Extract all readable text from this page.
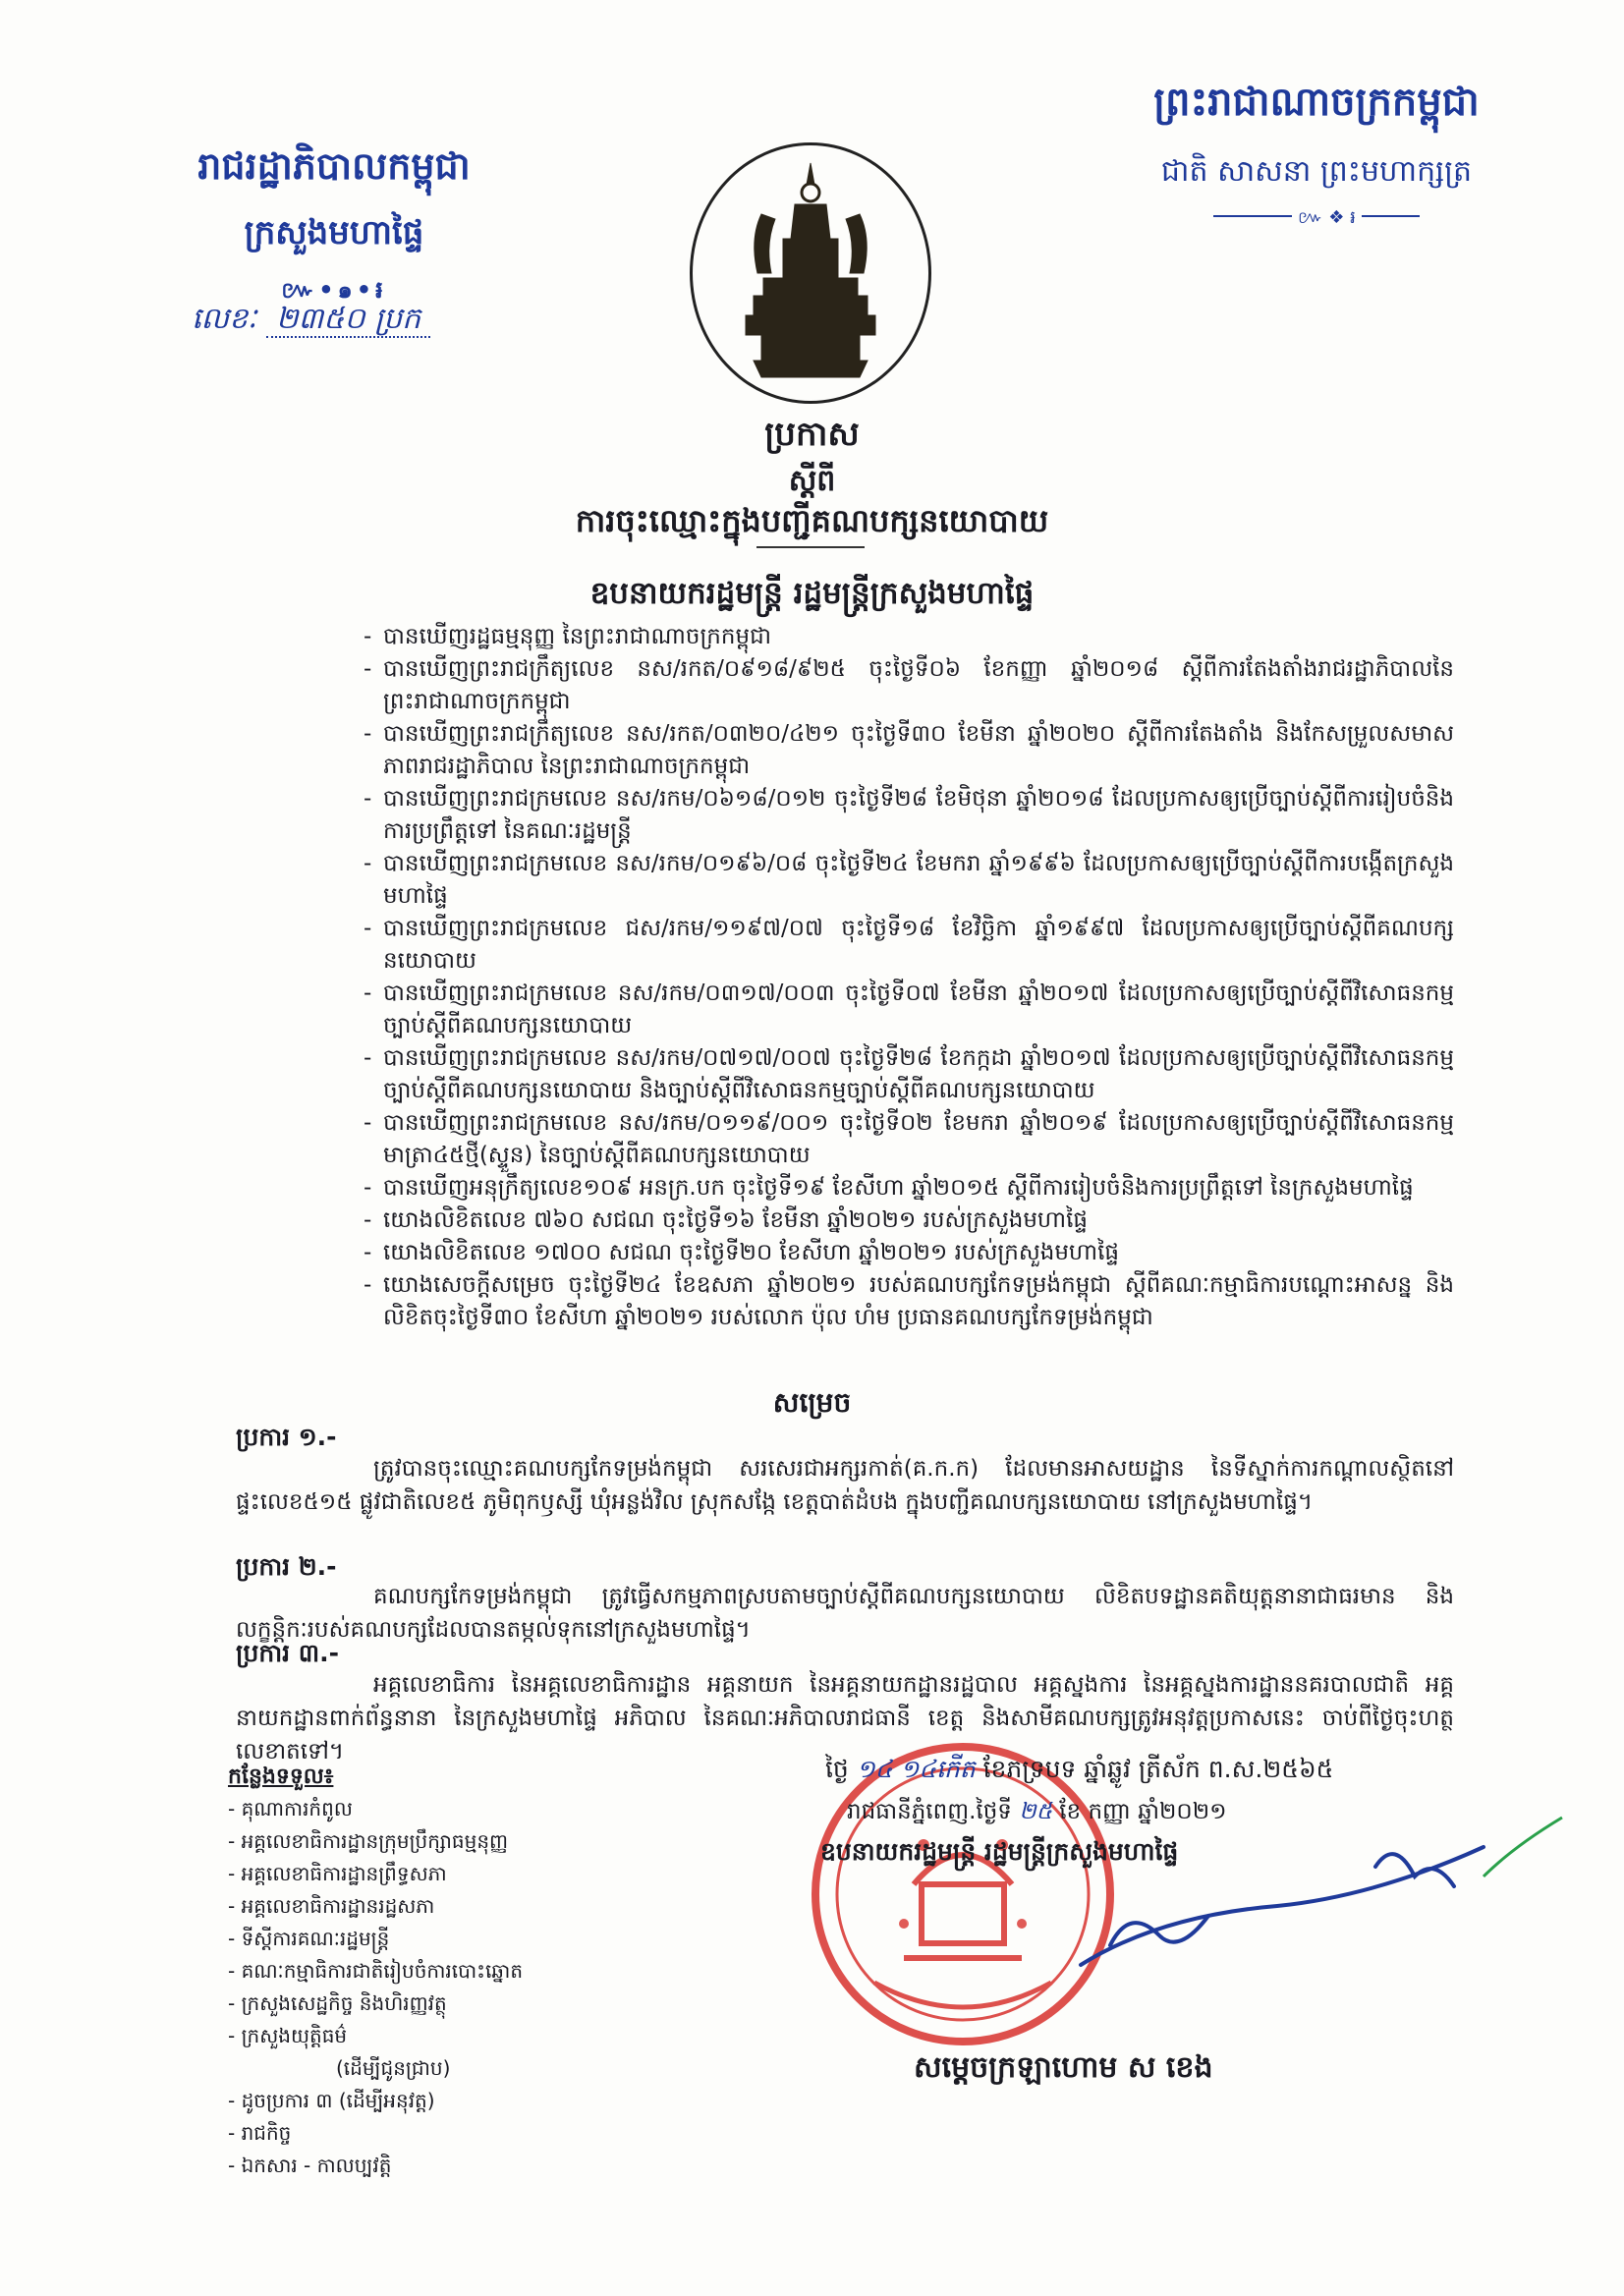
រាជរដ្ឋាភិបាលកម្ពុជា
ក្រសួងមហាផ្ទៃ
៚•๑•៛
លេខៈ ២៣៥០ ប្រក
ព្រះរាជាណាចក្រកម្ពុជា
ជាតិ សាសនា ព្រះមហាក្សត្រ
៚ ❖ ៛
ប្រកាស
ស្ដីពី
ការចុះឈ្មោះក្នុងបញ្ជីគណបក្សនយោបាយ
ឧបនាយករដ្ឋមន្ត្រី រដ្ឋមន្ត្រីក្រសួងមហាផ្ទៃ
- បានឃើញរដ្ឋធម្មនុញ្ញ នៃព្រះរាជាណាចក្រកម្ពុជា
- បានឃើញព្រះរាជក្រឹត្យលេខ នស/រកត/០៩១៨/៩២៥ ចុះថ្ងៃទី០៦ ខែកញ្ញា ឆ្នាំ២០១៨ ស្ដីពីការតែងតាំងរាជរដ្ឋាភិបាលនៃព្រះរាជាណាចក្រកម្ពុជា
- បានឃើញព្រះរាជក្រឹត្យលេខ នស/រកត/០៣២០/៤២១ ចុះថ្ងៃទី៣០ ខែមីនា ឆ្នាំ២០២០ ស្ដីពីការតែងតាំង និងកែសម្រួលសមាសភាពរាជរដ្ឋាភិបាល នៃព្រះរាជាណាចក្រកម្ពុជា
- បានឃើញព្រះរាជក្រមលេខ នស/រកម/០៦១៨/០១២ ចុះថ្ងៃទី២៨ ខែមិថុនា ឆ្នាំ២០១៨ ដែលប្រកាសឲ្យប្រើច្បាប់ស្ដីពីការរៀបចំនិងការប្រព្រឹត្តទៅ នៃគណៈរដ្ឋមន្ត្រី
- បានឃើញព្រះរាជក្រមលេខ នស/រកម/០១៩៦/០៨ ចុះថ្ងៃទី២៤ ខែមករា ឆ្នាំ១៩៩៦ ដែលប្រកាសឲ្យប្រើច្បាប់ស្ដីពីការបង្កើតក្រសួងមហាផ្ទៃ
- បានឃើញព្រះរាជក្រមលេខ ជស/រកម/១១៩៧/០៧ ចុះថ្ងៃទី១៨ ខែវិច្ឆិកា ឆ្នាំ១៩៩៧ ដែលប្រកាសឲ្យប្រើច្បាប់ស្ដីពីគណបក្សនយោបាយ
- បានឃើញព្រះរាជក្រមលេខ នស/រកម/០៣១៧/០០៣ ចុះថ្ងៃទី០៧ ខែមីនា ឆ្នាំ២០១៧ ដែលប្រកាសឲ្យប្រើច្បាប់ស្ដីពីវិសោធនកម្មច្បាប់ស្ដីពីគណបក្សនយោបាយ
- បានឃើញព្រះរាជក្រមលេខ នស/រកម/០៧១៧/០០៧ ចុះថ្ងៃទី២៨ ខែកក្កដា ឆ្នាំ២០១៧ ដែលប្រកាសឲ្យប្រើច្បាប់ស្ដីពីវិសោធនកម្មច្បាប់ស្ដីពីគណបក្សនយោបាយ និងច្បាប់ស្ដីពីវិសោធនកម្មច្បាប់ស្ដីពីគណបក្សនយោបាយ
- បានឃើញព្រះរាជក្រមលេខ នស/រកម/០១១៩/០០១ ចុះថ្ងៃទី០២ ខែមករា ឆ្នាំ២០១៩ ដែលប្រកាសឲ្យប្រើច្បាប់ស្ដីពីវិសោធនកម្មមាត្រា៤៥ថ្មី(ស្ទួន) នៃច្បាប់ស្ដីពីគណបក្សនយោបាយ
- បានឃើញអនុក្រឹត្យលេខ១០៩ អនក្រ.បក ចុះថ្ងៃទី១៩ ខែសីហា ឆ្នាំ២០១៥ ស្ដីពីការរៀបចំនិងការប្រព្រឹត្តទៅ នៃក្រសួងមហាផ្ទៃ
- យោងលិខិតលេខ ៧៦០ សជណ ចុះថ្ងៃទី១៦ ខែមីនា ឆ្នាំ២០២១ របស់ក្រសួងមហាផ្ទៃ
- យោងលិខិតលេខ ១៧០០ សជណ ចុះថ្ងៃទី២០ ខែសីហា ឆ្នាំ២០២១ របស់ក្រសួងមហាផ្ទៃ
- យោងសេចក្ដីសម្រេច ចុះថ្ងៃទី២៤ ខែឧសភា ឆ្នាំ២០២១ របស់គណបក្សកែទម្រង់កម្ពុជា ស្ដីពីគណៈកម្មាធិការបណ្ដោះអាសន្ន និងលិខិតចុះថ្ងៃទី៣០ ខែសីហា ឆ្នាំ២០២១ របស់លោក ប៉ុល ហំម ប្រធានគណបក្សកែទម្រង់កម្ពុជា
សម្រេច
ប្រការ ១.-
ត្រូវបានចុះឈ្មោះគណបក្សកែទម្រង់កម្ពុជា សរសេរជាអក្សរកាត់(គ.ក.ក) ដែលមានអាសយដ្ឋាន នៃទីស្នាក់ការកណ្ដាលស្ថិតនៅផ្ទះលេខ៥១៥ ផ្លូវជាតិលេខ៥ ភូមិពុកឫស្សី ឃុំអន្លង់វិល ស្រុកសង្កែ ខេត្តបាត់ដំបង ក្នុងបញ្ជីគណបក្សនយោបាយ នៅក្រសួងមហាផ្ទៃ។
ប្រការ ២.-
គណបក្សកែទម្រង់កម្ពុជា ត្រូវធ្វើសកម្មភាពស្របតាមច្បាប់ស្ដីពីគណបក្សនយោបាយ លិខិតបទដ្ឋានគតិយុត្តនានាជាធរមាន និងលក្ខន្តិកៈរបស់គណបក្សដែលបានតម្កល់ទុកនៅក្រសួងមហាផ្ទៃ។
ប្រការ ៣.-
អគ្គលេខាធិការ នៃអគ្គលេខាធិការដ្ឋាន អគ្គនាយក នៃអគ្គនាយកដ្ឋានរដ្ឋបាល អគ្គស្នងការ នៃអគ្គស្នងការដ្ឋាននគរបាលជាតិ អគ្គនាយកដ្ឋានពាក់ព័ន្ធនានា នៃក្រសួងមហាផ្ទៃ អភិបាល នៃគណៈអភិបាលរាជធានី ខេត្ត និងសាមីគណបក្សត្រូវអនុវត្តប្រកាសនេះ ចាប់ពីថ្ងៃចុះហត្ថលេខាតទៅ។
ថ្ងៃ ១៤ ១៤កើត ខែភទ្របទ ឆ្នាំឆ្លូវ ត្រីស័ក ព.ស.២៥៦៥
រាជធានីភ្នំពេញ.ថ្ងៃទី ២៥ ខែ កញ្ញា ឆ្នាំ២០២១
ឧបនាយករដ្ឋមន្ត្រី រដ្ឋមន្ត្រីក្រសួងមហាផ្ទៃ
សម្ដេចក្រឡាហោម ស ខេង
កន្លែងទទួល៖
- គុណាការកំពូល
- អគ្គលេខាធិការដ្ឋានក្រុមប្រឹក្សាធម្មនុញ្ញ
- អគ្គលេខាធិការដ្ឋានព្រឹទ្ធសភា
- អគ្គលេខាធិការដ្ឋានរដ្ឋសភា
- ទីស្ដីការគណៈរដ្ឋមន្ត្រី
- គណៈកម្មាធិការជាតិរៀបចំការបោះឆ្នោត
- ក្រសួងសេដ្ឋកិច្ច និងហិរញ្ញវត្ថុ
- ក្រសួងយុត្តិធម៌
(ដើម្បីជូនជ្រាប)
- ដូចប្រការ ៣ (ដើម្បីអនុវត្ត)
- រាជកិច្ច
- ឯកសារ - កាលប្បវត្តិ
